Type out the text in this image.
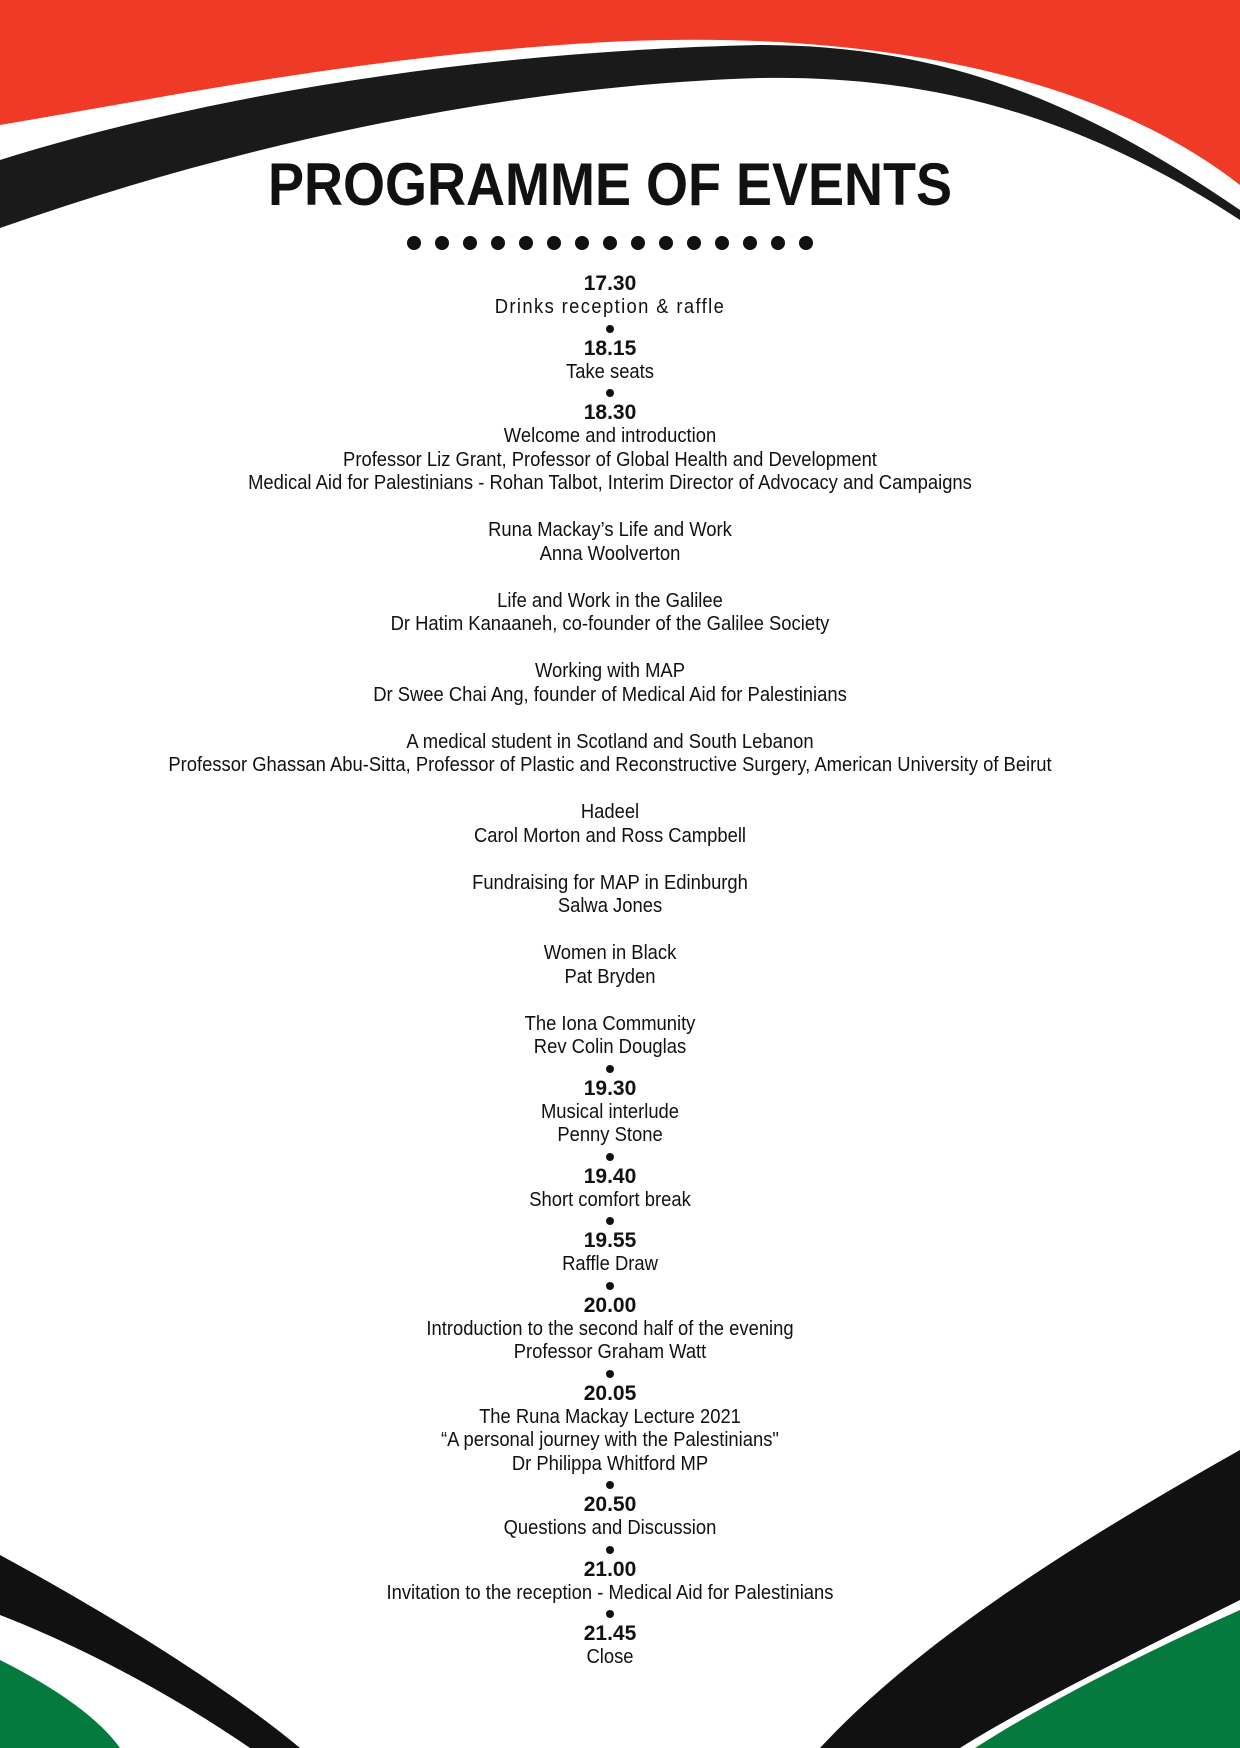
PROGRAMME OF EVENTS
17.30
Drinks reception & raffle
18.15
Take seats
18.30
Welcome and introduction
Professor Liz Grant, Professor of Global Health and Development
Medical Aid for Palestinians - Rohan Talbot, Interim Director of Advocacy and Campaigns
Runa Mackay’s Life and Work
Anna Woolverton
Life and Work in the Galilee
Dr Hatim Kanaaneh, co-founder of the Galilee Society
Working with MAP
Dr Swee Chai Ang, founder of Medical Aid for Palestinians
A medical student in Scotland and South Lebanon
Professor Ghassan Abu-Sitta, Professor of Plastic and Reconstructive Surgery, American University of Beirut
Hadeel
Carol Morton and Ross Campbell
Fundraising for MAP in Edinburgh
Salwa Jones
Women in Black
Pat Bryden
The Iona Community
Rev Colin Douglas
19.30
Musical interlude
Penny Stone
19.40
Short comfort break
19.55
Raffle Draw
20.00
Introduction to the second half of the evening
Professor Graham Watt
20.05
The Runa Mackay Lecture 2021
“A personal journey with the Palestinians"
Dr Philippa Whitford MP
20.50
Questions and Discussion
21.00
Invitation to the reception - Medical Aid for Palestinians
21.45
Close
